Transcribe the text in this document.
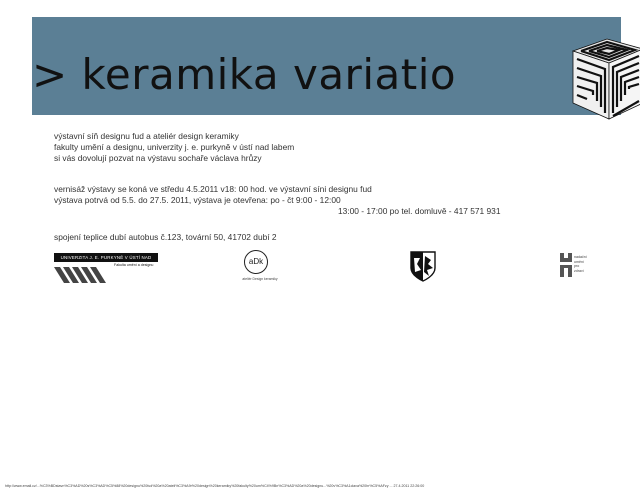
> keramika variatio
výstavní síň designu fud a ateliér design keramiky
fakulty umění a designu, univerzity j. e. purkyně v ústí nad labem
si vás dovolují pozvat na výstavu sochaře václava hrůzy
vernisáž výstavy se koná ve středu 4.5.2011 v18: 00 hod. ve výstavní síni designu fud
výstava potrvá od 5.5. do 27.5. 2011, výstava je otevřena: po - čt 9:00 - 12:00
13:00 - 17:00 po tel. domluvě - 417 571 931
spojení teplice dubí autobus č.123, tovární 50, 41702 dubí 2
UNIVERZITA J. E. PURKYNĚ V ÚSTÍ NAD LABEM Fakulta umění a designu	aDk
ateliér Design keramiky
nadační
umění
pro
zdraví
http://www.email.cz/...%C3%BDstavn%C3%AD%20s%C3%AD%C5%88%20designu%20fud%20a%20ateli%C3%A9r%20design%20keramiky%20fakulty%20um%C4%9Bn%C3%AD%20a%20designu...%20v%C3%A1clava%20hr%C5%AFzy ... 27.4.2011 22:26:00
